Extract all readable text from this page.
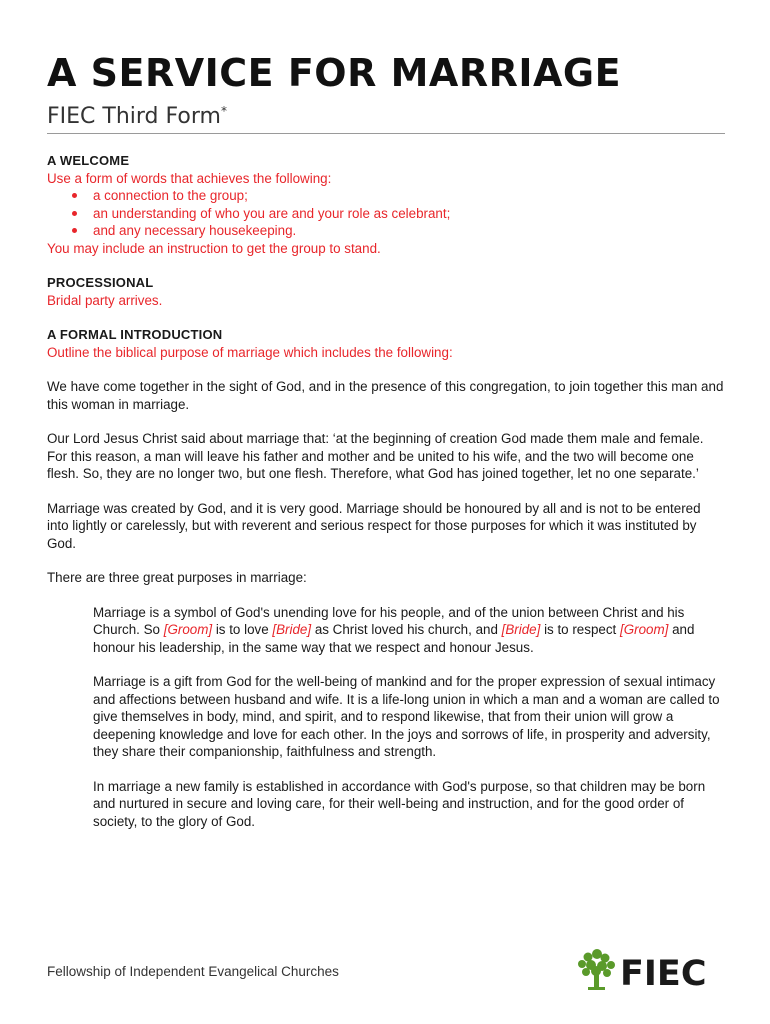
A SERVICE FOR MARRIAGE
FIEC Third Form*

A WELCOME

Use a form of words that achieves the following:

a connection to the group;
an understanding of who you are and your role as celebrant;
and any necessary housekeeping.

You may include an instruction to get the group to stand.

PROCESSIONAL

Bridal party arrives.

A FORMAL INTRODUCTION

Outline the biblical purpose of marriage which includes the following:

We have come together in the sight of God, and in the presence of this congregation, to join together this man and this woman in marriage.

Our Lord Jesus Christ said about marriage that: ‘at the beginning of creation God made them male and female. For this reason, a man will leave his father and mother and be united to his wife, and the two will become one flesh. So, they are no longer two, but one flesh. Therefore, what God has joined together, let no one separate.’

Marriage was created by God, and it is very good. Marriage should be honoured by all and is not to be entered into lightly or carelessly, but with reverent and serious respect for those purposes for which it was instituted by God.

There are three great purposes in marriage:

Marriage is a symbol of God's unending love for his people, and of the union between Christ and his Church. So [Groom] is to love [Bride] as Christ loved his church, and [Bride] is to respect [Groom] and honour his leadership, in the same way that we respect and honour Jesus.

Marriage is a gift from God for the well-being of mankind and for the proper expression of sexual intimacy and affections between husband and wife. It is a life-long union in which a man and a woman are called to give themselves in body, mind, and spirit, and to respond likewise, that from their union will grow a deepening knowledge and love for each other. In the joys and sorrows of life, in prosperity and adversity, they share their companionship, faithfulness and strength.

In marriage a new family is established in accordance with God's purpose, so that children may be born and nurtured in secure and loving care, for their well-being and instruction, and for the good order of society, to the glory of God.

Fellowship of Independent Evangelical Churches	FIEC
